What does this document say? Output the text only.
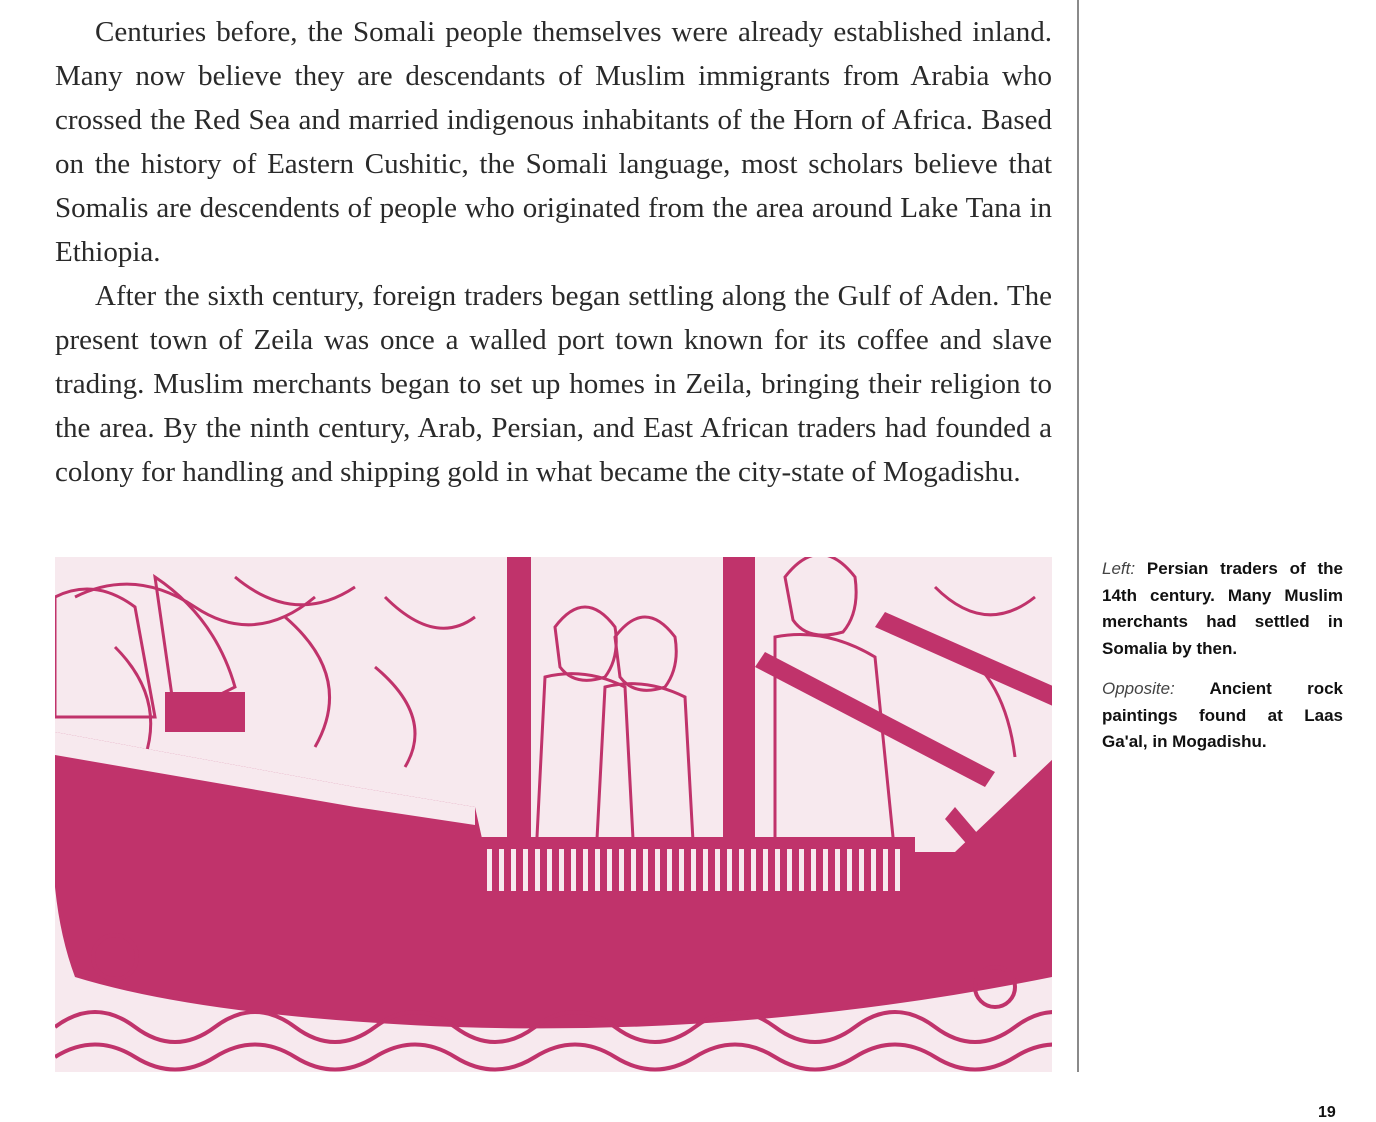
Centuries before, the Somali people themselves were already established inland. Many now believe they are descendants of Muslim immigrants from Arabia who crossed the Red Sea and married indigenous inhabitants of the Horn of Africa. Based on the history of Eastern Cushitic, the Somali language, most scholars believe that Somalis are descendents of people who originated from the area around Lake Tana in Ethiopia.

After the sixth century, foreign traders began settling along the Gulf of Aden. The present town of Zeila was once a walled port town known for its coffee and slave trading. Muslim merchants began to set up homes in Zeila, bringing their religion to the area. By the ninth century, Arab, Persian, and East African traders had founded a colony for handling and shipping gold in what became the city-state of Mogadishu.

Left: Persian traders of the 14th century. Many Muslim merchants had settled in Somalia by then.

Opposite: Ancient rock paintings found at Laas Ga'al, in Mogadishu.

19
